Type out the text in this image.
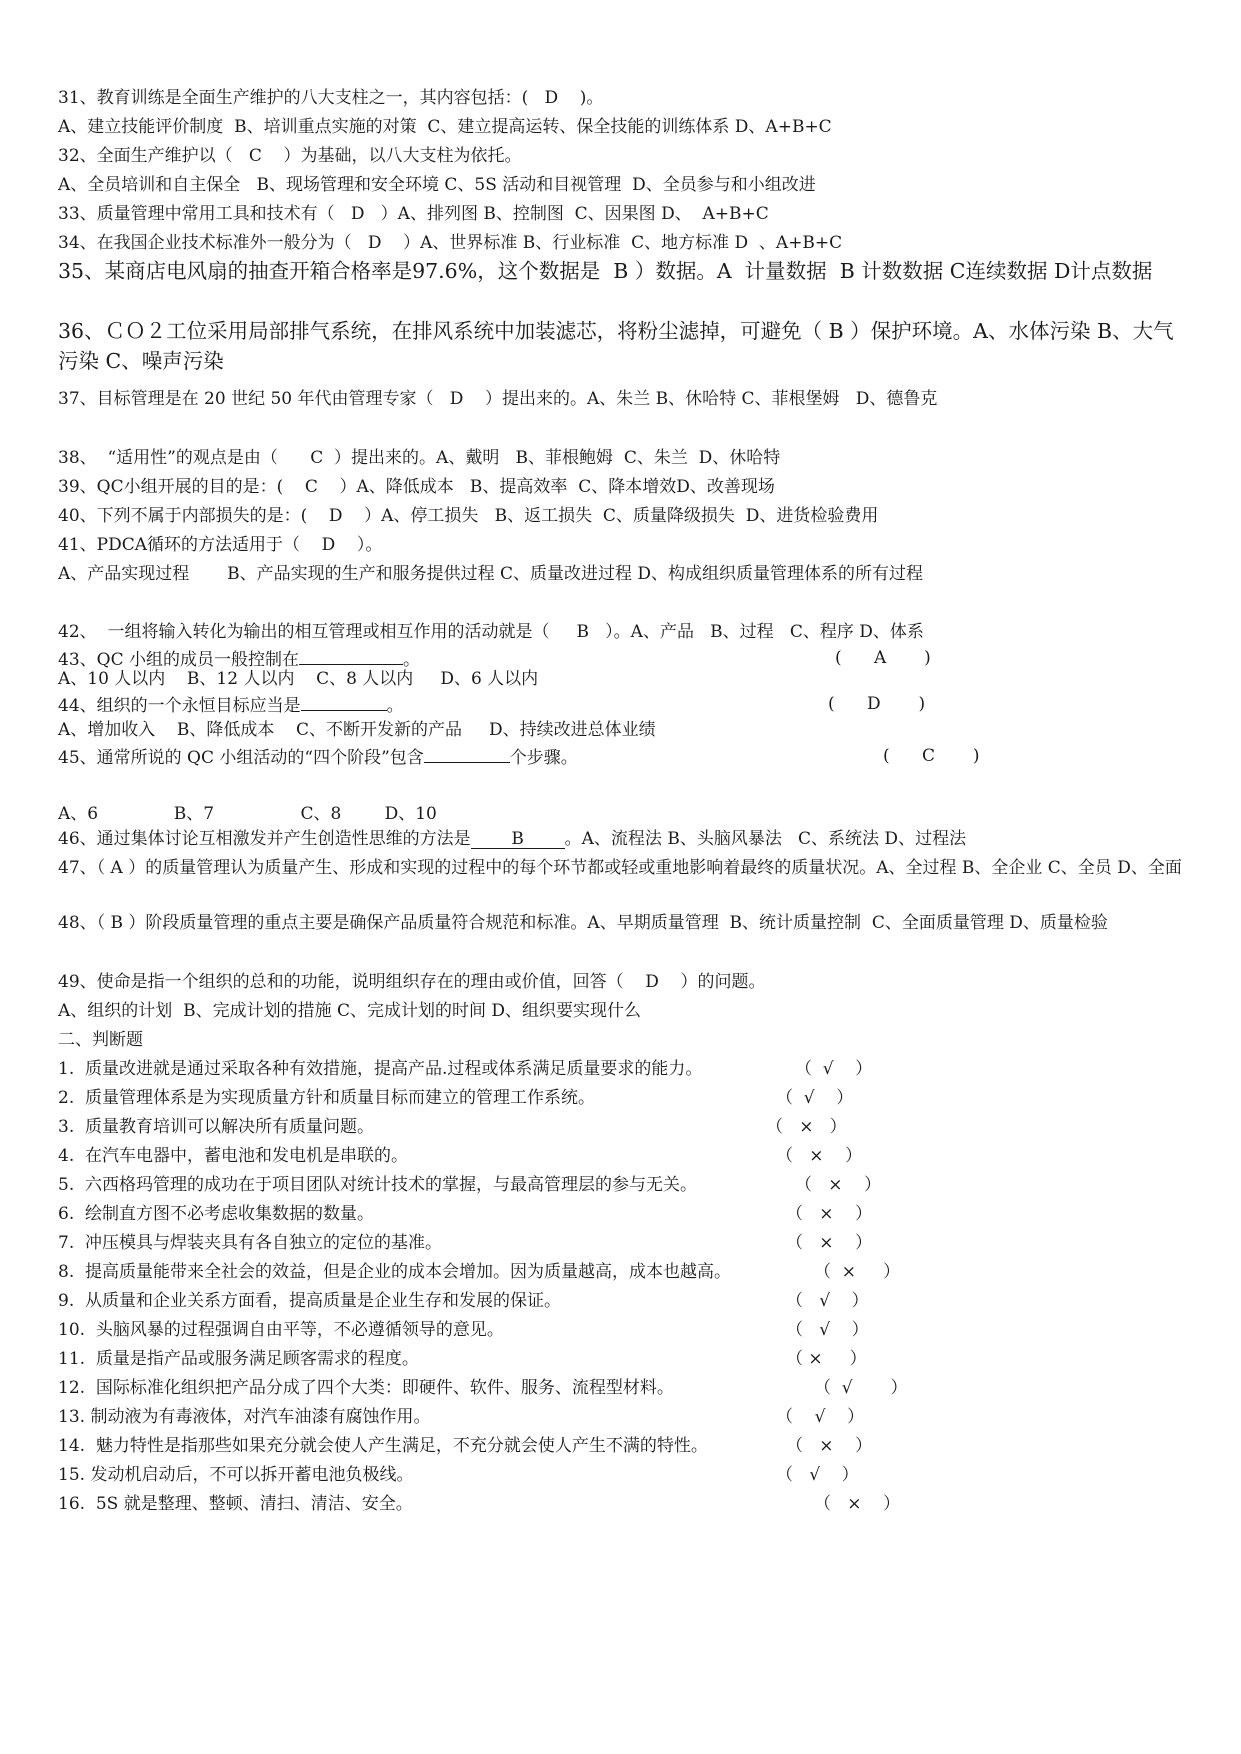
31、教育训练是全面生产维护的八大支柱之一，其内容包括：(   D    )。
A、建立技能评价制度  B、培训重点实施的对策  C、建立提高运转、保全技能的训练体系 D、A+B+C
32、全面生产维护以（   C    ）为基础，以八大支柱为依托。
A、全员培训和自主保全   B、现场管理和安全环境 C、5S 活动和目视管理  D、全员参与和小组改进
33、质量管理中常用工具和技术有（   D   ）A、排列图 B、控制图  C、因果图 D、  A+B+C
34、在我国企业技术标准外一般分为（   D    ）A、世界标准 B、行业标准  C、地方标准 D  、A+B+C
35、某商店电风扇的抽查开箱合格率是97.6%，这个数据是  B ）数据。A  计量数据  B 计数数据 C连续数据 D计点数据
36、ＣＯ２工位采用局部排气系统，在排风系统中加装滤芯，将粉尘滤掉，可避免（ B ）保护环境。A、水体污染 B、大气污染 C、噪声污染
37、目标管理是在 20 世纪 50 年代由管理专家（   D    ）提出来的。A、朱兰 B、休哈特 C、菲根堡姆   D、德鲁克
38、  “适用性”的观点是由（      C  ）提出来的。A、戴明   B、菲根鲍姆  C、朱兰  D、休哈特
39、QC小组开展的目的是：(    C    ）A、降低成本   B、提高效率  C、降本增效D、改善现场
40、下列不属于内部损失的是：(    D    ）A、停工损失   B、返工损失  C、质量降级损失  D、进货检验费用
41、PDCA循环的方法适用于（    D    ）。
A、产品实现过程       B、产品实现的生产和服务提供过程 C、质量改进过程 D、构成组织质量管理体系的所有过程
42、  一组将输入转化为输出的相互管理或相互作用的活动就是（     B   ）。A、产品   B、过程   C、程序 D、体系
43、QC 小组的成员一般控制在	。	(      A       )
A、10 人以内    B、12 人以内    C、8 人以内     D、6 人以内
44、组织的一个永恒目标应当是	。	(      D       )
A、增加收入    B、降低成本    C、不断开发新的产品     D、持续改进总体业绩
45、通常所说的 QC 小组活动的“四个阶段”包含	个步骤。	(      C       )
A、6              B、7                C、8        D、10
46、通过集体讨论互相激发并产生创造性思维的方法是 B 。A、流程法 B、头脑风暴法   C、系统法 D、过程法
47、（ A ）的质量管理认为质量产生、形成和实现的过程中的每个环节都或轻或重地影响着最终的质量状况。A、全过程 B、全企业 C、全员 D、全面
48、（ B ）阶段质量管理的重点主要是确保产品质量符合规范和标准。A、早期质量管理  B、统计质量控制  C、全面质量管理 D、质量检验
49、使命是指一个组织的总和的功能，说明组织存在的理由或价值，回答（    D    ）的问题。
A、组织的计划  B、完成计划的措施 C、完成计划的时间 D、组织要实现什么
二、判断题
1.  质量改进就是通过采取各种有效措施，提高产品.过程或体系满足质量要求的能力。	（  √    ）
2.  质量管理体系是为实现质量方针和质量目标而建立的管理工作系统。	（  √    ）
3.  质量教育培训可以解决所有质量问题。	（   ×   ）
4.  在汽车电器中，蓄电池和发电机是串联的。	（   ×    ）
5.  六西格玛管理的成功在于项目团队对统计技术的掌握，与最高管理层的参与无关。	（   ×    ）
6.  绘制直方图不必考虑收集数据的数量。	（   ×    ）
7.  冲压模具与焊装夹具有各自独立的定位的基准。	（   ×    ）
8.  提高质量能带来全社会的效益，但是企业的成本会增加。因为质量越高，成本也越高。	（  ×     ）
9.  从质量和企业关系方面看，提高质量是企业生存和发展的保证。	（   √    ）
10.  头脑风暴的过程强调自由平等，不必遵循领导的意见。	（   √    ）
11.  质量是指产品或服务满足顾客需求的程度。	（ ×     ）
12.  国际标准化组织把产品分成了四个大类：即硬件、软件、服务、流程型材料。	（  √       ）
13. 制动液为有毒液体，对汽车油漆有腐蚀作用。	（    √    ）
14.  魅力特性是指那些如果充分就会使人产生满足，不充分就会使人产生不满的特性。	（   ×    ）
15. 发动机启动后，不可以拆开蓄电池负极线。	（   √    ）
16.  5S 就是整理、整顿、清扫、清洁、安全。	（   ×    ）
